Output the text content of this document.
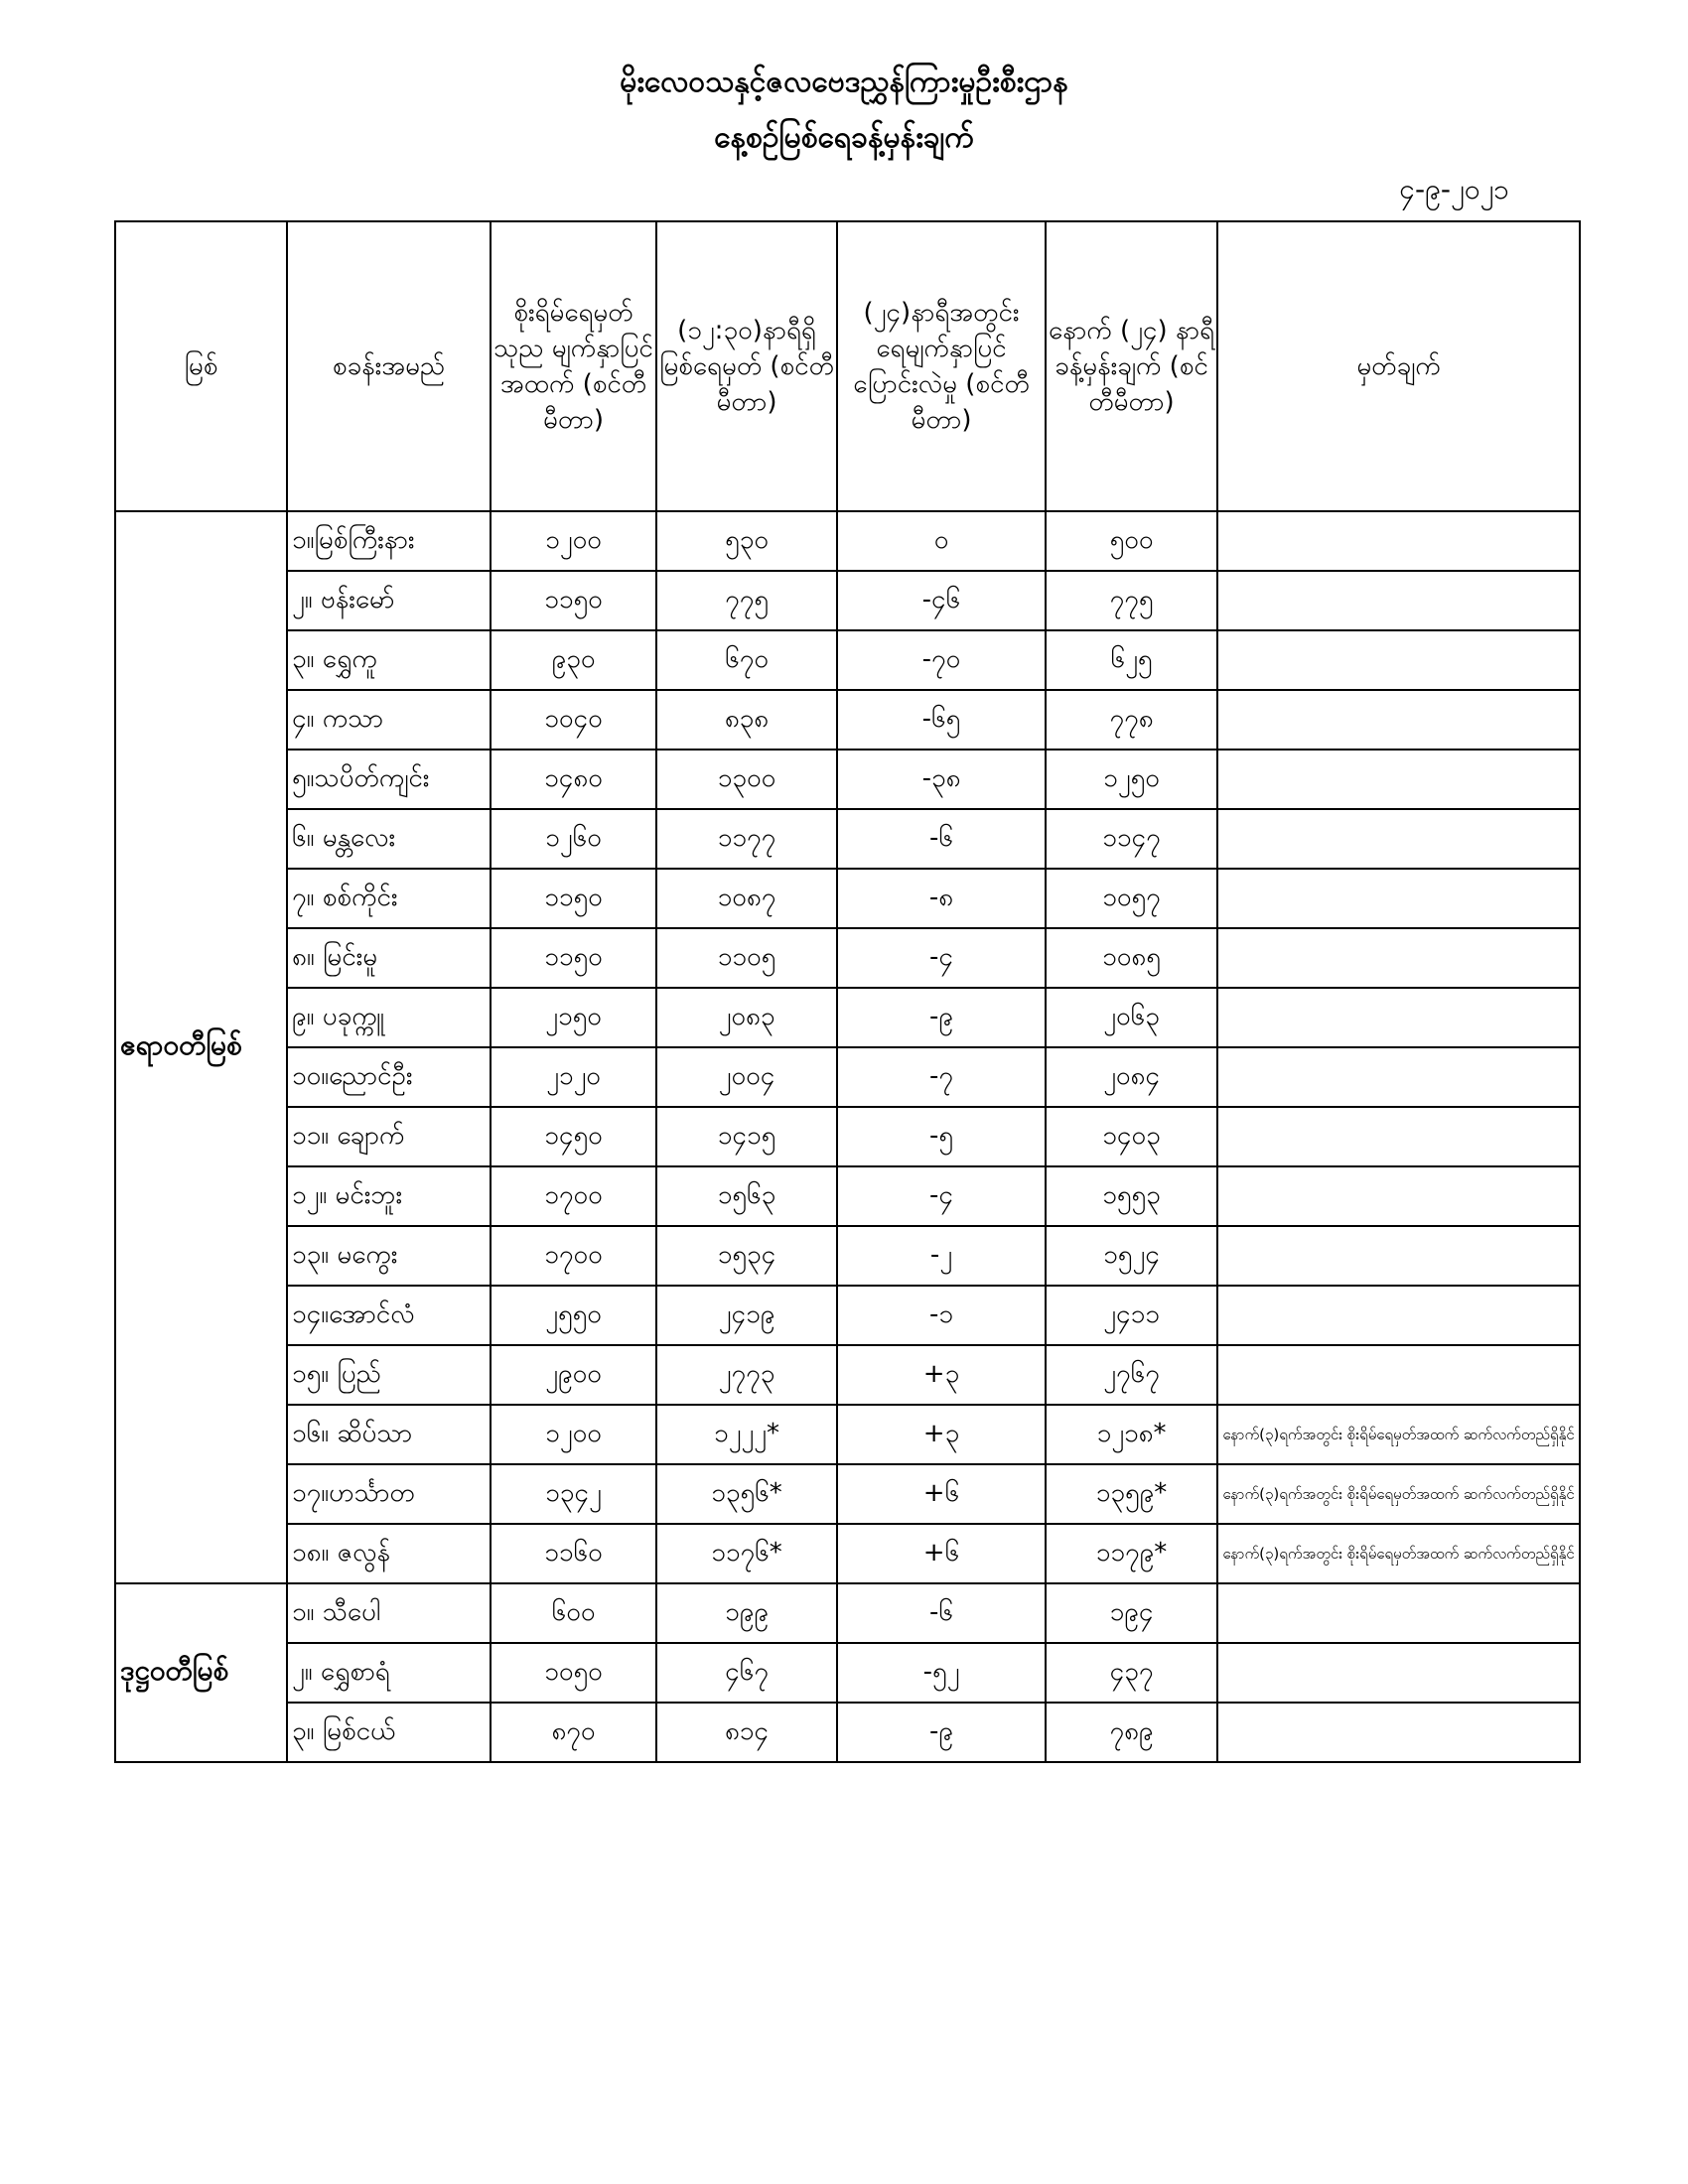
မိုးလေဝသနှင့်ဇလဗေဒညွှန်ကြားမှုဦးစီးဌာန
နေ့စဉ်မြစ်ရေခန့်မှန်းချက်
၄-၉-၂၀၂၁
မြစ်	စခန်းအမည်	စိုးရိမ်ရေမှတ် သုည မျက်နှာပြင် အထက် (စင်တီမီတာ)	(၁၂:၃၀)နာရီရှိ မြစ်ရေမှတ် (စင်တီမီတာ)	(၂၄)နာရီအတွင်း ရေမျက်နှာပြင် ပြောင်းလဲမှု (စင်တီမီတာ)	နောက် (၂၄) နာရီ ခန့်မှန်းချက် (စင်တီမီတာ)	မှတ်ချက်
ဧရာဝတီမြစ်	၁။မြစ်ကြီးနား	၁၂၀၀	၅၃၀	၀	၅၀၀	
	၂။ ဗန်းမော်	၁၁၅၀	၇၇၅	-၄၆	၇၇၅	
	၃။ ရွှေကူ	၉၃၀	၆၇၀	-၇၀	၆၂၅	
	၄။ ကသာ	၁၀၄၀	၈၃၈	-၆၅	၇၇၈	
	၅။သပိတ်ကျင်း	၁၄၈၀	၁၃၀၀	-၃၈	၁၂၅၀	
	၆။ မန္တလေး	၁၂၆၀	၁၁၇၇	-၆	၁၁၄၇	
	၇။ စစ်ကိုင်း	၁၁၅၀	၁၀၈၇	-၈	၁၀၅၇	
	၈။ မြင်းမူ	၁၁၅၀	၁၁၀၅	-၄	၁၀၈၅	
	၉။ ပခုက္ကူ	၂၁၅၀	၂၀၈၃	-၉	၂၀၆၃	
	၁၀။ညောင်ဦး	၂၁၂၀	၂၀၀၄	-၇	၂၀၈၄	
	၁၁။ ချောက်	၁၄၅၀	၁၄၁၅	-၅	၁၄၀၃	
	၁၂။ မင်းဘူး	၁၇၀၀	၁၅၆၃	-၄	၁၅၅၃	
	၁၃။ မကွေး	၁၇၀၀	၁၅၃၄	-၂	၁၅၂၄	
	၁၄။အောင်လံ	၂၅၅၀	၂၄၁၉	-၁	၂၄၁၁	
	၁၅။ ပြည်	၂၉၀၀	၂၇၇၃	+၃	၂၇၆၇	
	၁၆။ ဆိပ်သာ	၁၂၀၀	၁၂၂၂*	+၃	၁၂၁၈*	နောက်(၃)ရက်အတွင်း စိုးရိမ်ရေမှတ်အထက် ဆက်လက်တည်ရှိနိုင်
	၁၇။ဟင်္သာတ	၁၃၄၂	၁၃၅၆*	+၆	၁၃၅၉*	နောက်(၃)ရက်အတွင်း စိုးရိမ်ရေမှတ်အထက် ဆက်လက်တည်ရှိနိုင်
	၁၈။ ဇလွန်	၁၁၆၀	၁၁၇၆*	+၆	၁၁၇၉*	နောက်(၃)ရက်အတွင်း စိုးရိမ်ရေမှတ်အထက် ဆက်လက်တည်ရှိနိုင်
ဒုဋ္ဌဝတီမြစ်	၁။ သီပေါ	၆၀၀	၁၉၉	-၆	၁၉၄	
	၂။ ရွှေစာရံ	၁၀၅၀	၄၆၇	-၅၂	၄၃၇	
	၃။ မြစ်ငယ်	၈၇၀	၈၁၄	-၉	၇၈၉	
